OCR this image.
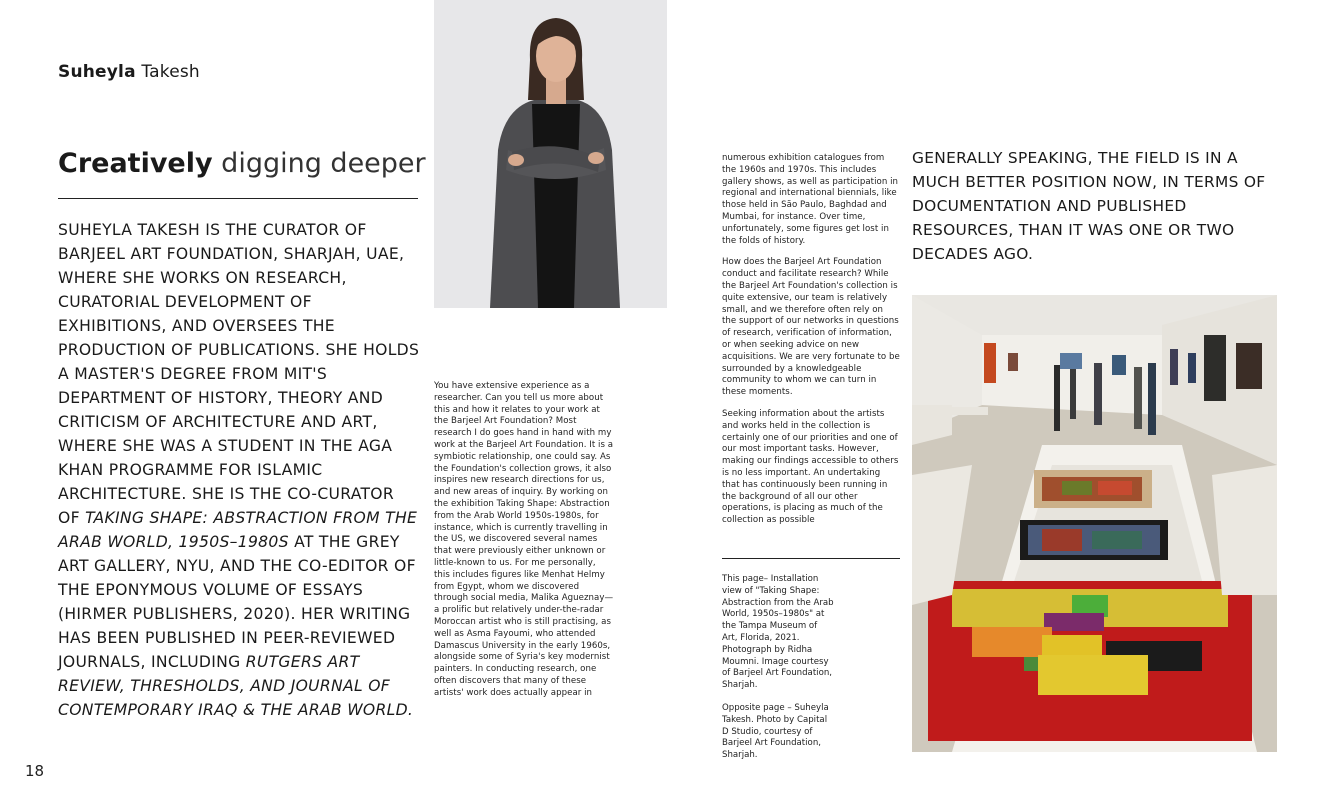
Suheyla Takesh
Creatively digging deeper
SUHEYLA TAKESH IS THE CURATOR OF BARJEEL ART FOUNDATION, SHARJAH, UAE, WHERE SHE WORKS ON RESEARCH, CURATORIAL DEVELOPMENT OF EXHIBITIONS, AND OVERSEES THE PRODUCTION OF PUBLICATIONS. SHE HOLDS A MASTER'S DEGREE FROM MIT'S DEPARTMENT OF HISTORY, THEORY AND CRITICISM OF ARCHITECTURE AND ART, WHERE SHE WAS A STUDENT IN THE AGA KHAN PROGRAMME FOR ISLAMIC ARCHITECTURE. SHE IS THE CO-CURATOR OF TAKING SHAPE: ABSTRACTION FROM THE ARAB WORLD, 1950S–1980S AT THE GREY ART GALLERY, NYU, AND THE CO-EDITOR OF THE EPONYMOUS VOLUME OF ESSAYS (HIRMER PUBLISHERS, 2020). HER WRITING HAS BEEN PUBLISHED IN PEER-REVIEWED JOURNALS, INCLUDING RUTGERS ART REVIEW, THRESHOLDS, AND JOURNAL OF CONTEMPORARY IRAQ & THE ARAB WORLD.
18
You have extensive experience as a researcher. Can you tell us more about this and how it relates to your work at the Barjeel Art Foundation? Most research I do goes hand in hand with my work at the Barjeel Art Foundation. It is a symbiotic relationship, one could say. As the Foundation's collection grows, it also inspires new research directions for us, and new areas of inquiry. By working on the exhibition Taking Shape: Abstraction from the Arab World 1950s-1980s, for instance, which is currently travelling in the US, we discovered several names that were previously either unknown or little-known to us. For me personally, this includes figures like Menhat Helmy from Egypt, whom we discovered through social media, Malika Agueznay—a prolific but relatively under-the-radar Moroccan artist who is still practising, as well as Asma Fayoumi, who attended Damascus University in the early 1960s, alongside some of Syria's key modernist painters. In conducting research, one often discovers that many of these artists' work does actually appear in

numerous exhibition catalogues from the 1960s and 1970s. This includes gallery shows, as well as participation in regional and international biennials, like those held in São Paulo, Baghdad and Mumbai, for instance. Over time, unfortunately, some figures get lost in the folds of history.

How does the Barjeel Art Foundation conduct and facilitate research? While the Barjeel Art Foundation's collection is quite extensive, our team is relatively small, and we therefore often rely on the support of our networks in questions of research, verification of information, or when seeking advice on new acquisitions. We are very fortunate to be surrounded by a knowledgeable community to whom we can turn in these moments.

Seeking information about the artists and works held in the collection is certainly one of our priorities and one of our most important tasks. However, making our findings accessible to others is no less important. An undertaking that has continuously been running in the background of all our other operations, is placing as much of the collection as possible

This page– Installation view of "Taking Shape: Abstraction from the Arab World, 1950s–1980s" at the Tampa Museum of Art, Florida, 2021. Photograph by Ridha Moumni. Image courtesy of Barjeel Art Foundation, Sharjah.

Opposite page – Suheyla Takesh. Photo by Capital D Studio, courtesy of Barjeel Art Foundation, Sharjah.

GENERALLY SPEAKING, THE FIELD IS IN A MUCH BETTER POSITION NOW, IN TERMS OF DOCUMENTATION AND PUBLISHED RESOURCES, THAN IT WAS ONE OR TWO DECADES AGO.
